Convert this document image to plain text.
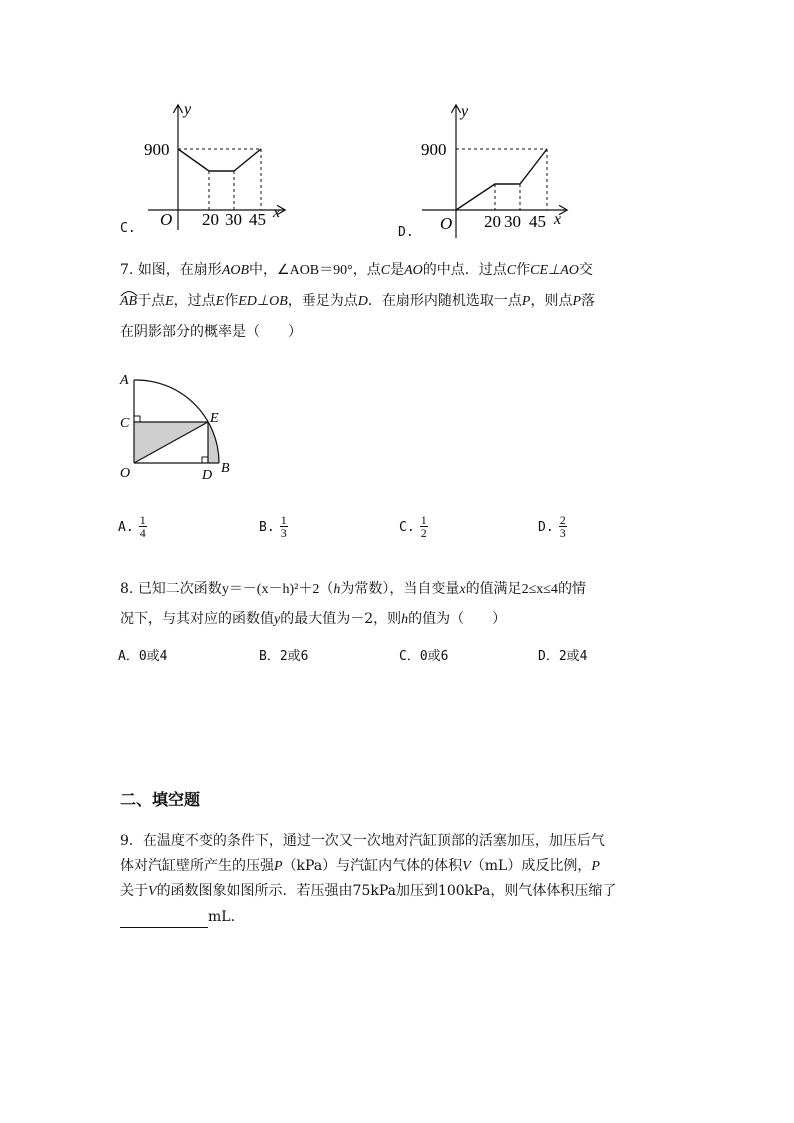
y
x
O
900
20 30 45
C.
y
x
O
900
20 30 45
D.
7. 如图，在扇形AOB中，∠AOB＝90°，点C是AO的中点．过点C作CE⊥AO交
AB于点E，过点E作ED⊥OB，垂足为点D．在扇形内随机选取一点P，则点P落
在阴影部分的概率是（　　）
A
C	E
O	D B
A. $\frac{1}{4}$	B. $\frac{1}{3}$	C. $\frac{1}{2}$	D. $\frac{2}{3}$
8. 已知二次函数y＝－(x－h)²＋2（h为常数），当自变量x的值满足2≤x≤4的情
况下，与其对应的函数值y的最大值为－2，则h的值为（　　）
A．0或4	B．2或6	C．0或6	D．2或4
二、填空题
9．在温度不变的条件下，通过一次又一次地对汽缸顶部的活塞加压，加压后气
体对汽缸壁所产生的压强P（kPa）与汽缸内气体的体积V（mL）成反比例，P
关于V的函数图象如图所示．若压强由75kPa加压到100kPa，则气体体积压缩了
mL．
